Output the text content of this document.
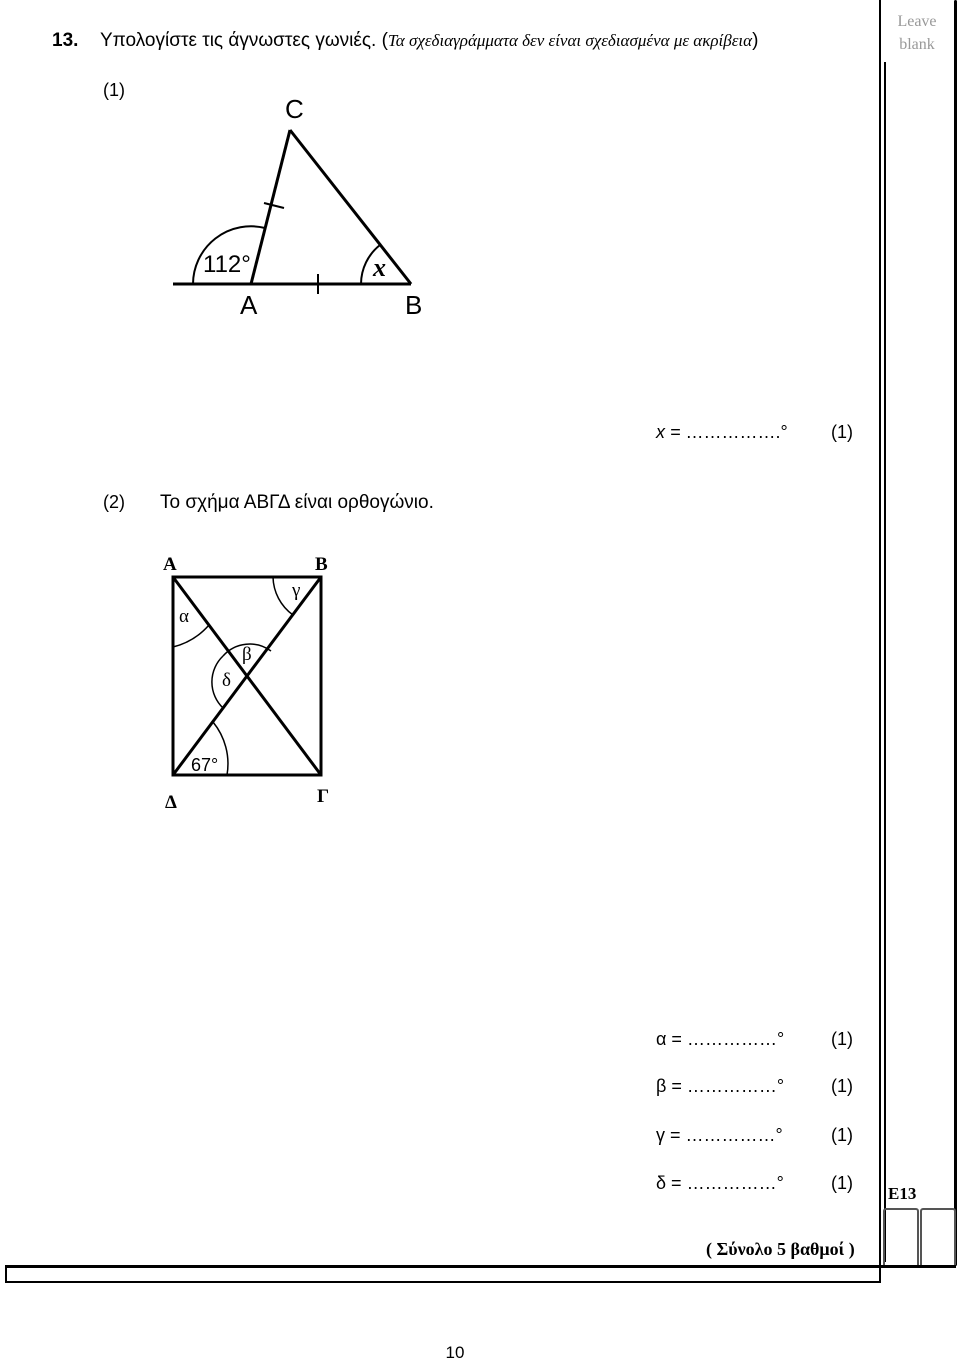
13. Υπολογίστε τις άγνωστες γωνιές. (Τα σχεδιαγράμματα δεν είναι σχεδιασμένα με ακρίβεια)
Leave blank
(1)
C
A	B
112°	x
x = …………….° (1)
(2) Το σχήμα ΑΒΓΔ είναι ορθογώνιο.
Α	Β
Γ
Δ
α
γ
β
δ
67°
α = ……………°	(1)
β = ……………°	(1)
γ = ……………°	(1)
δ = ……………°	(1)
E13
( Σύνολο 5 βαθμοί )
10
